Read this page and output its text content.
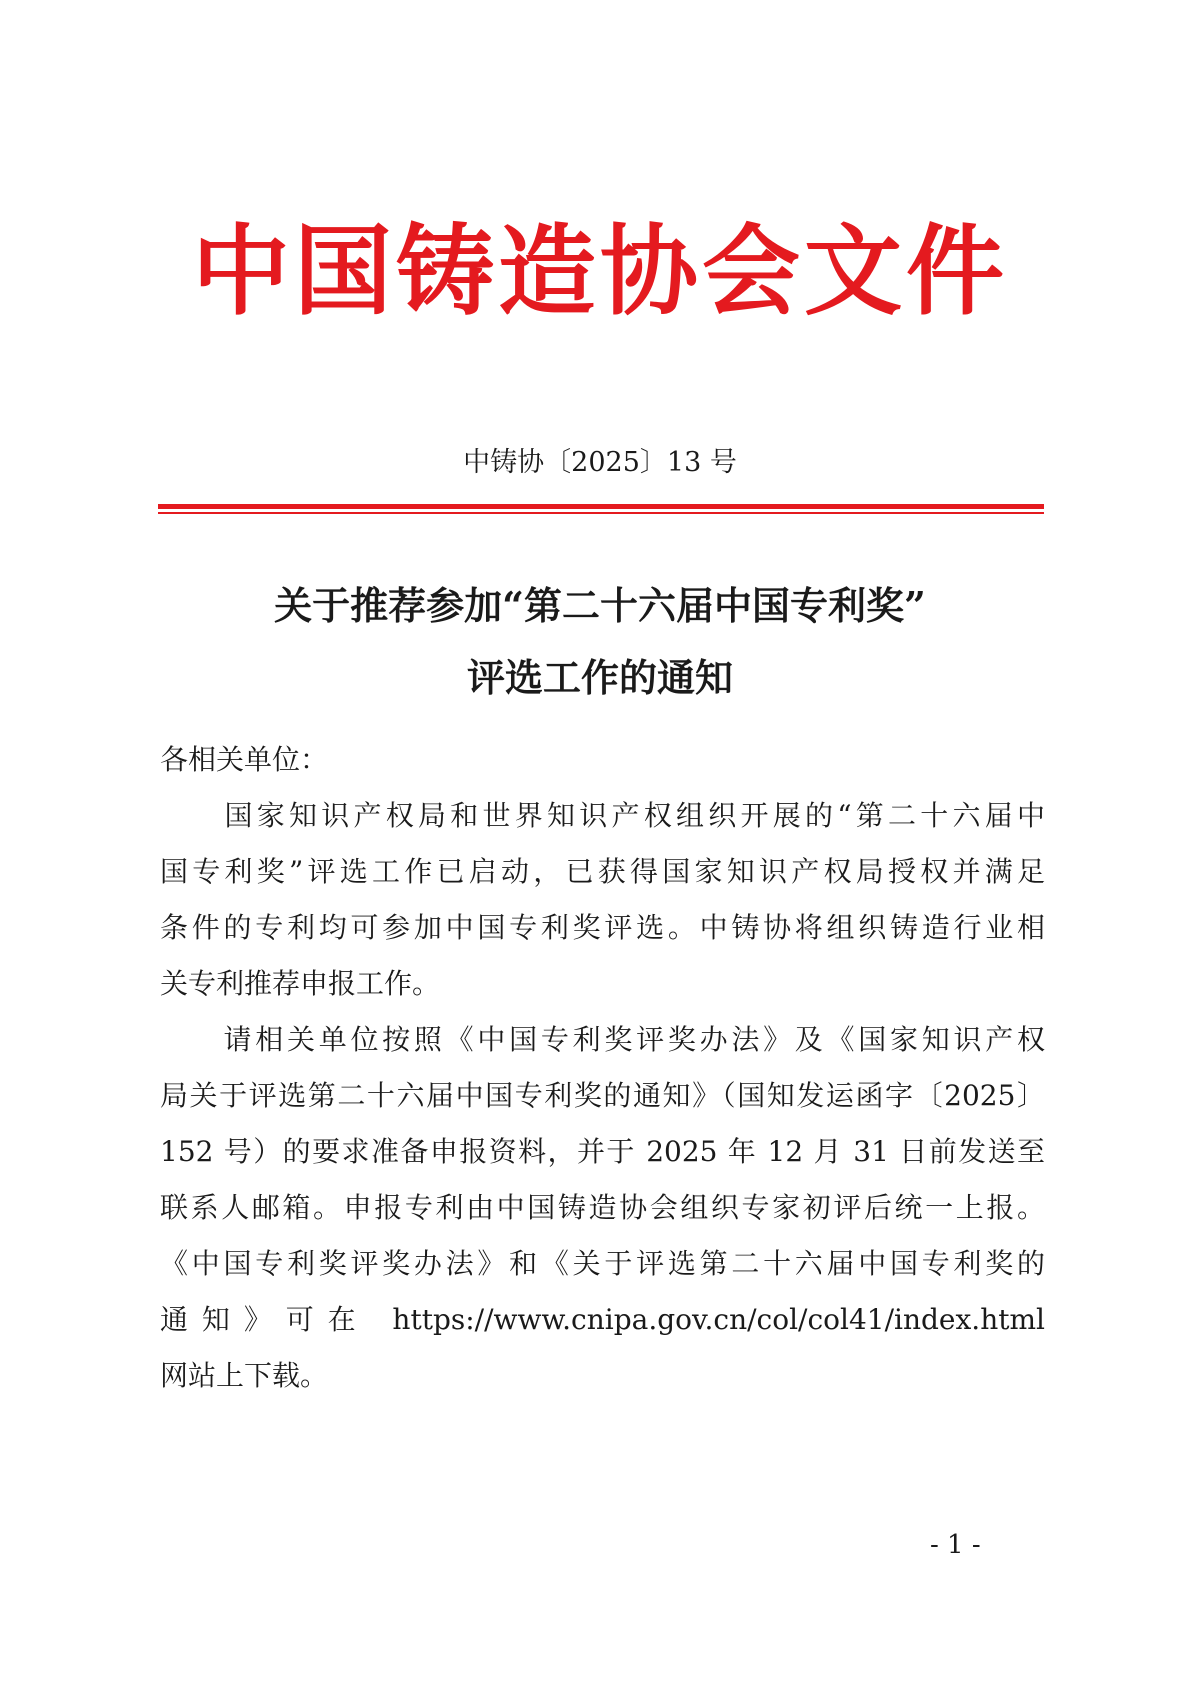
中国铸造协会文件
中铸协〔2025〕13 号
关于推荐参加“第二十六届中国专利奖”
评选工作的通知
各相关单位：
　　国家知识产权局和世界知识产权组织开展的“第二十六届中
国专利奖”评选工作已启动，已获得国家知识产权局授权并满足
条件的专利均可参加中国专利奖评选。中铸协将组织铸造行业相
关专利推荐申报工作。
　　请相关单位按照《中国专利奖评奖办法》及《国家知识产权
局关于评选第二十六届中国专利奖的通知》（国知发运函字〔2025〕
152 号）的要求准备申报资料，并于 2025 年 12 月 31 日前发送至
联系人邮箱。申报专利由中国铸造协会组织专家初评后统一上报。
《中国专利奖评奖办法》和《关于评选第二十六届中国专利奖的
通知》可在 https://www.cnipa.gov.cn/col/col41/index.html
网站上下载。
- 1 -
